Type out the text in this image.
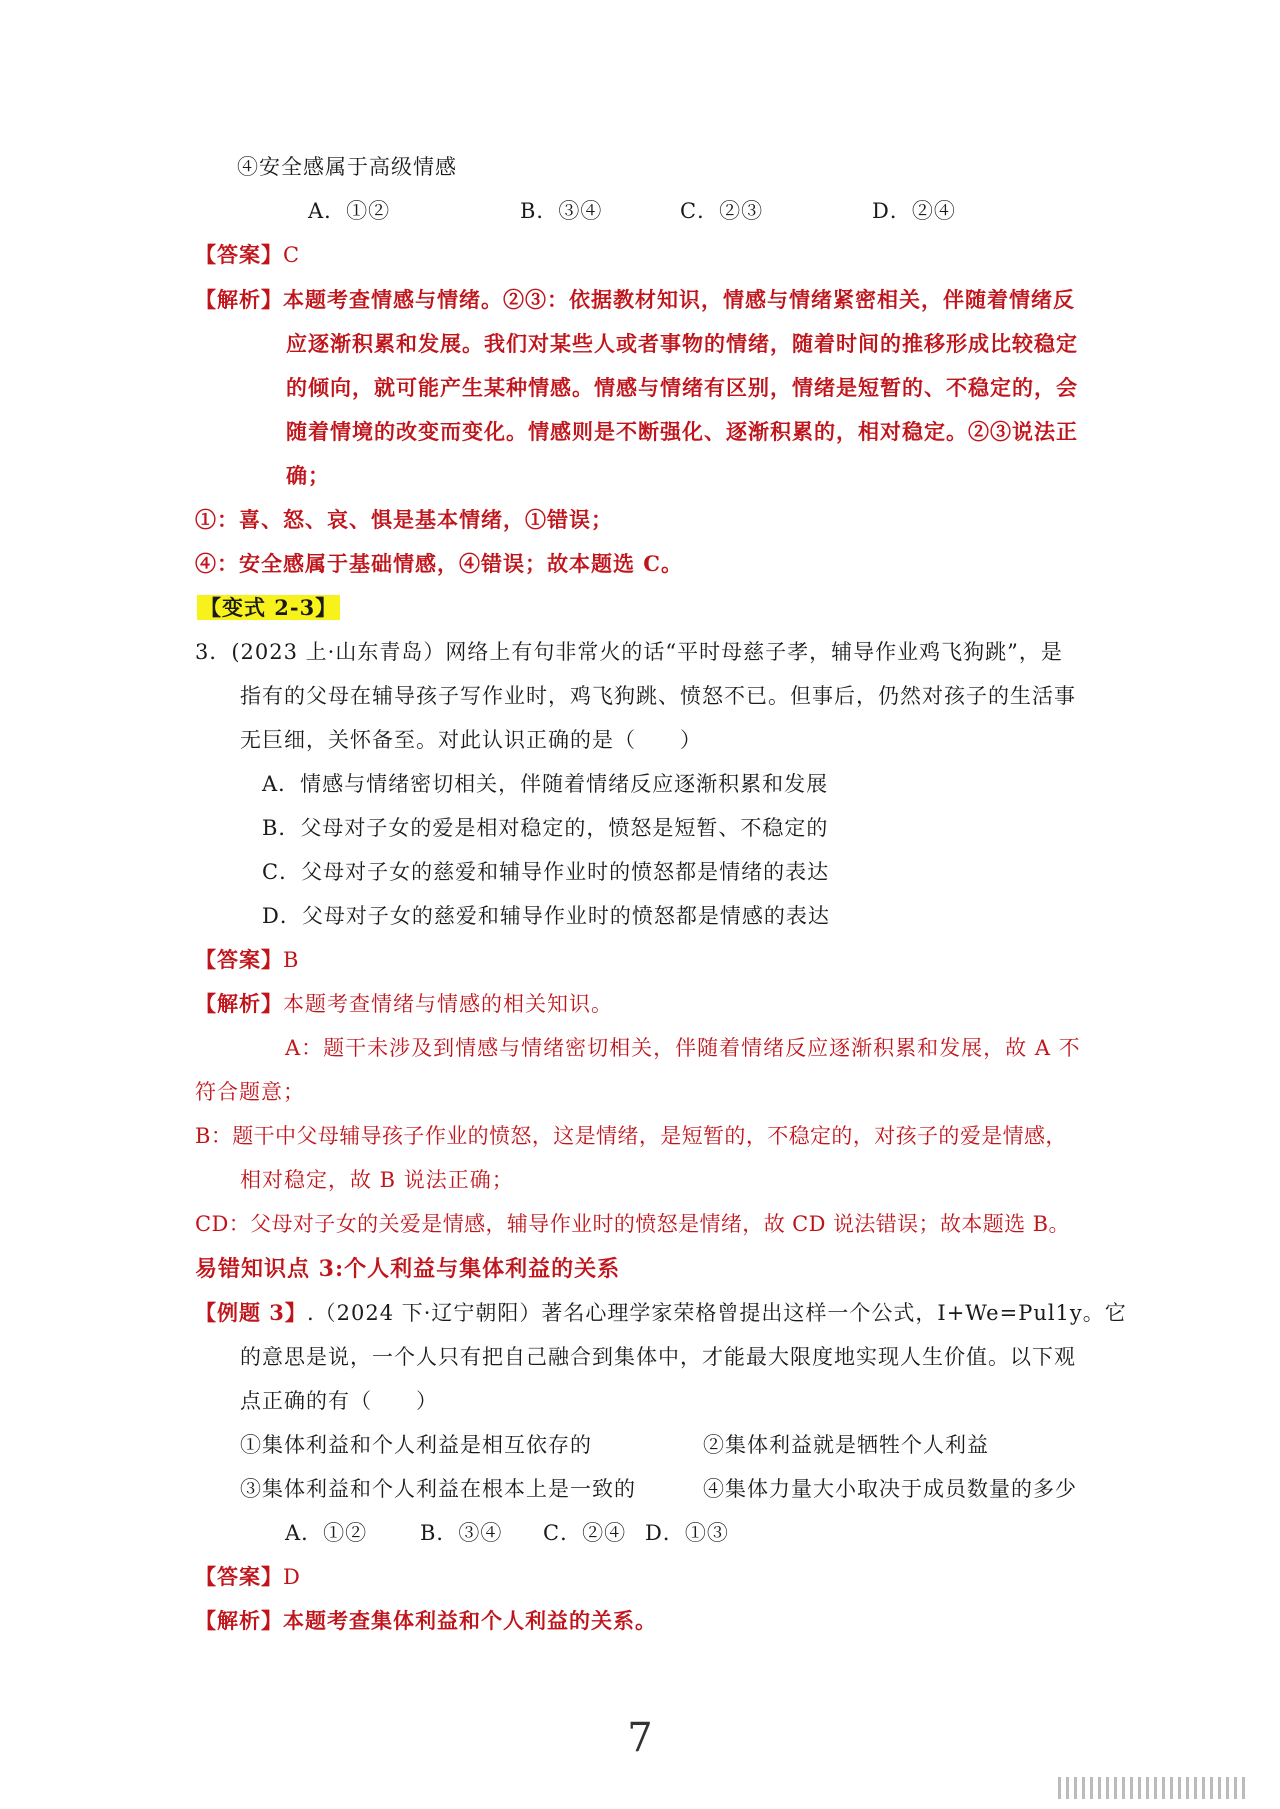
④安全感属于高级情感
A．①②	B．③④	C．②③	D．②④
【答案】C
【解析】本题考查情感与情绪。②③：依据教材知识，情感与情绪紧密相关，伴随着情绪反
应逐渐积累和发展。我们对某些人或者事物的情绪，随着时间的推移形成比较稳定
的倾向，就可能产生某种情感。情感与情绪有区别，情绪是短暂的、不稳定的，会
随着情境的改变而变化。情感则是不断强化、逐渐积累的，相对稳定。②③说法正
确；
①：喜、怒、哀、惧是基本情绪，①错误；
④：安全感属于基础情感，④错误；故本题选 C。
【变式 2-3】
3．(2023 上·山东青岛）网络上有句非常火的话“平时母慈子孝，辅导作业鸡飞狗跳”，是
指有的父母在辅导孩子写作业时，鸡飞狗跳、愤怒不已。但事后，仍然对孩子的生活事
无巨细，关怀备至。对此认识正确的是（　　）
A．情感与情绪密切相关，伴随着情绪反应逐渐积累和发展
B．父母对子女的爱是相对稳定的，愤怒是短暂、不稳定的
C．父母对子女的慈爱和辅导作业时的愤怒都是情绪的表达
D．父母对子女的慈爱和辅导作业时的愤怒都是情感的表达
【答案】B
【解析】本题考查情绪与情感的相关知识。
A：题干未涉及到情感与情绪密切相关，伴随着情绪反应逐渐积累和发展，故 A 不
符合题意；
B：题干中父母辅导孩子作业的愤怒，这是情绪，是短暂的，不稳定的，对孩子的爱是情感，
相对稳定，故 B 说法正确；
CD：父母对子女的关爱是情感，辅导作业时的愤怒是情绪，故 CD 说法错误；故本题选 B。
易错知识点 3:个人利益与集体利益的关系
【例题 3】.（2024 下·辽宁朝阳）著名心理学家荣格曾提出这样一个公式，I+We=Pul1y。它
的意思是说，一个人只有把自己融合到集体中，才能最大限度地实现人生价值。以下观
点正确的有（　　）
①集体利益和个人利益是相互依存的	②集体利益就是牺牲个人利益
③集体利益和个人利益在根本上是一致的	④集体力量大小取决于成员数量的多少
A．①②	B．③④ C．②④ D．①③
【答案】D
【解析】本题考查集体利益和个人利益的关系。
7
